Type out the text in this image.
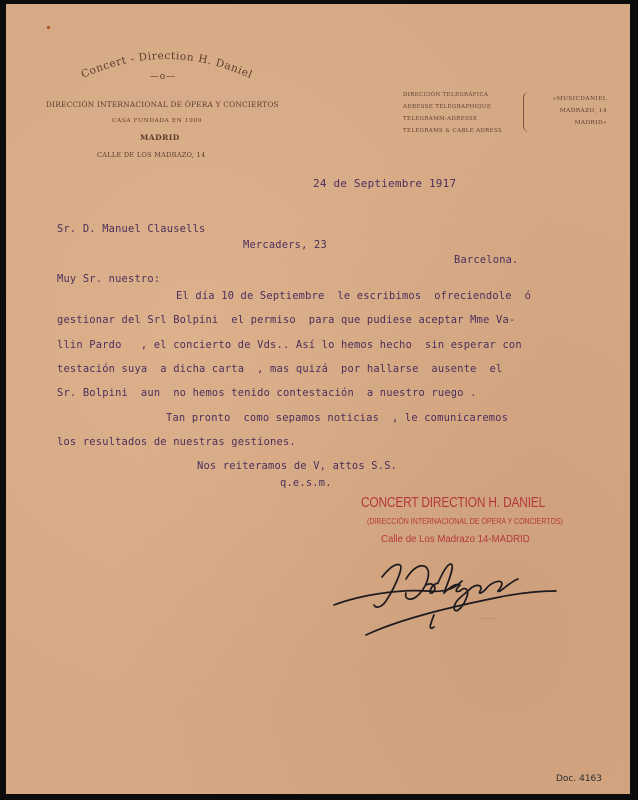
Concert - Direction H. Daniel
—o—
DIRECCIÓN INTERNACIONAL DE ÓPERA Y CONCIERTOS
CASA FUNDADA EN 1900
MADRID
CALLE DE LOS MADRAZO, 14
DIRECCIÓN TELEGRÁFICA
ADRESSE TÉLÉGRAPHIQUE
TELEGRAMM-ADRESSE
TELEGRAMS & CABLE ADRESS
«MUSICDANIEL
MADRAZO, 14
MADRID»
24 de Septiembre 1917
Sr. D. Manuel Clausells
Mercaders, 23
Barcelona.
Muy Sr. nuestro:
El día 10 de Septiembre  le escribimos  ofreciendole  ó
gestionar del Srl Bolpini  el permiso  para que pudiese aceptar Mme Va-
llin Pardo   , el concierto de Vds.. Así lo hemos hecho  sin esperar con
testación suya  a dicha carta  , mas quizá  por hallarse  ausente  el
Sr. Bolpini  aun  no hemos tenido contestación  a nuestro ruego .
Tan pronto  como sepamos noticias  , le comunicaremos
los resultados de nuestras gestiones.
Nos reiteramos de V, attos S.S.
q.e.s.m.
CONCERT DIRECTION H. DANIEL
(DIRECCIÓN INTERNACIONAL DE ÓPERA Y CONCIERTOS)
Calle de Los Madrazo 14-MADRID
~~~
Doc. 4163
